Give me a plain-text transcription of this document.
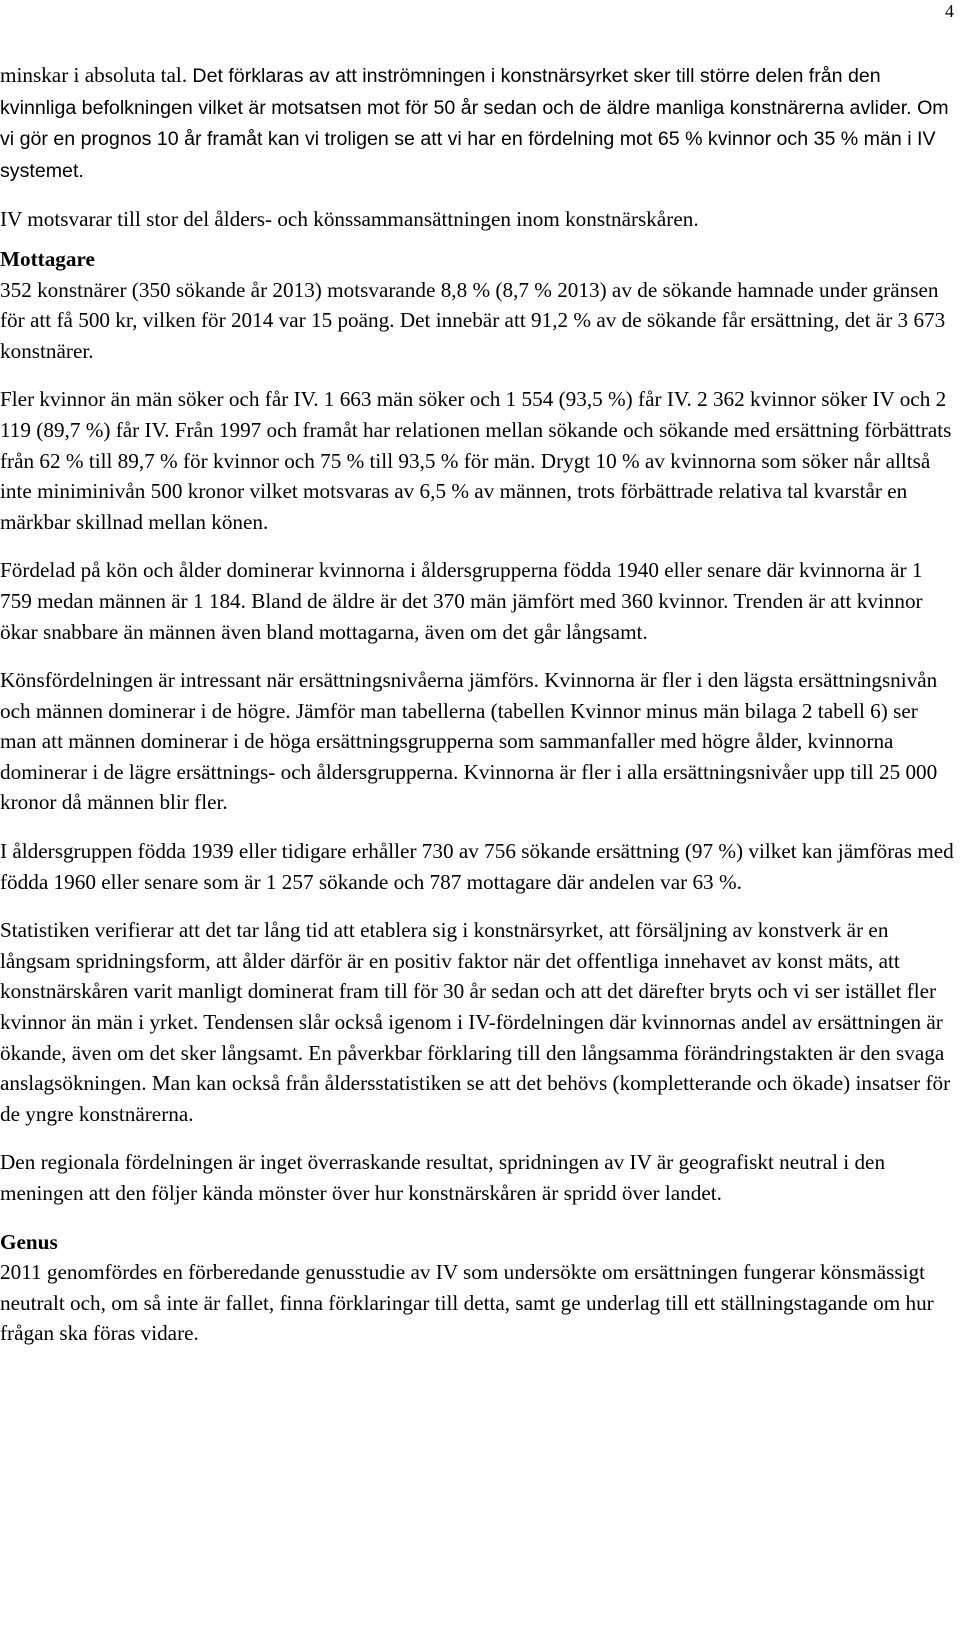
4

minskar i absoluta tal. Det förklaras av att inströmningen i konstnärsyrket sker till större delen från den kvinnliga befolkningen vilket är motsatsen mot för 50 år sedan och de äldre manliga konstnärerna avlider. Om vi gör en prognos 10 år framåt kan vi troligen se att vi har en fördelning mot 65 % kvinnor och 35 % män i IV systemet.

IV motsvarar till stor del ålders- och könssammansättningen inom konstnärskåren.

Mottagare

352 konstnärer (350 sökande år 2013) motsvarande 8,8 % (8,7 % 2013) av de sökande hamnade under gränsen för att få 500 kr, vilken för 2014 var 15 poäng. Det innebär att 91,2 % av de sökande får ersättning, det är 3 673 konstnärer.

Fler kvinnor än män söker och får IV. 1 663 män söker och 1 554 (93,5 %) får IV. 2 362 kvinnor söker IV och 2 119 (89,7 %) får IV. Från 1997 och framåt har relationen mellan sökande och sökande med ersättning förbättrats från 62 % till 89,7 % för kvinnor och 75 % till 93,5 % för män. Drygt 10 % av kvinnorna som söker når alltså inte miniminivån 500 kronor vilket motsvaras av 6,5 % av männen, trots förbättrade relativa tal kvarstår en märkbar skillnad mellan könen.

Fördelad på kön och ålder dominerar kvinnorna i åldersgrupperna födda 1940 eller senare där kvinnorna är 1 759 medan männen är 1 184. Bland de äldre är det 370 män jämfört med 360 kvinnor. Trenden är att kvinnor ökar snabbare än männen även bland mottagarna, även om det går långsamt.

Könsfördelningen är intressant när ersättningsnivåerna jämförs. Kvinnorna är fler i den lägsta ersättningsnivån och männen dominerar i de högre. Jämför man tabellerna (tabellen Kvinnor minus män bilaga 2 tabell 6) ser man att männen dominerar i de höga ersättningsgrupperna som sammanfaller med högre ålder, kvinnorna dominerar i de lägre ersättnings- och åldersgrupperna. Kvinnorna är fler i alla ersättningsnivåer upp till 25 000 kronor då männen blir fler.

I åldersgruppen födda 1939 eller tidigare erhåller 730 av 756 sökande ersättning (97 %) vilket kan jämföras med födda 1960 eller senare som är 1 257 sökande och 787 mottagare där andelen var 63 %.

Statistiken verifierar att det tar lång tid att etablera sig i konstnärsyrket, att försäljning av konstverk är en långsam spridningsform, att ålder därför är en positiv faktor när det offentliga innehavet av konst mäts, att konstnärskåren varit manligt dominerat fram till för 30 år sedan och att det därefter bryts och vi ser istället fler kvinnor än män i yrket. Tendensen slår också igenom i IV-fördelningen där kvinnornas andel av ersättningen är ökande, även om det sker långsamt. En påverkbar förklaring till den långsamma förändringstakten är den svaga anslagsökningen. Man kan också från åldersstatistiken se att det behövs (kompletterande och ökade) insatser för de yngre konstnärerna.

Den regionala fördelningen är inget överraskande resultat, spridningen av IV är geografiskt neutral i den meningen att den följer kända mönster över hur konstnärskåren är spridd över landet.

Genus

2011 genomfördes en förberedande genusstudie av IV som undersökte om ersättningen fungerar könsmässigt neutralt och, om så inte är fallet, finna förklaringar till detta, samt ge underlag till ett ställningstagande om hur frågan ska föras vidare.
